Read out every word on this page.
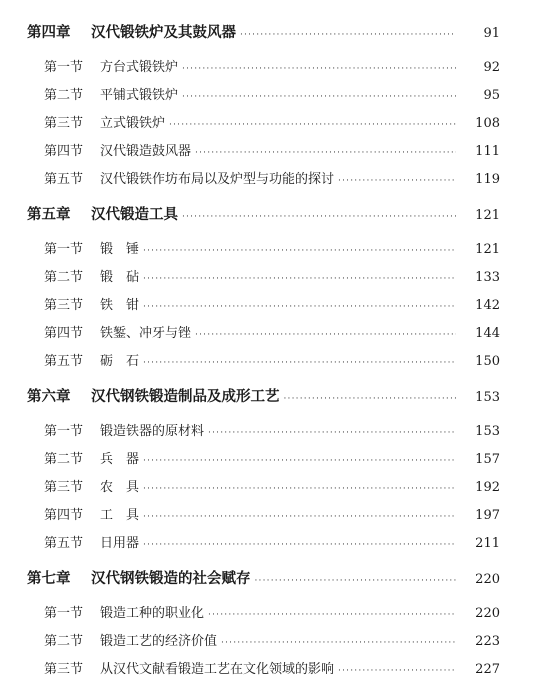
第四章	汉代锻铁炉及其鼓风器 ·····	91
第一节	方台式锻铁炉 ·····	92
第二节	平铺式锻铁炉 ·····	95
第三节	立式锻铁炉 ·····	108
第四节	汉代锻造鼓风器 ·····	111
第五节	汉代锻铁作坊布局以及炉型与功能的探讨 ·····	119
第五章	汉代锻造工具 ·····	121
第一节	锻　锤 ·····	121
第二节	锻　砧 ·····	133
第三节	铁　钳 ·····	142
第四节	铁錾、冲牙与锉 ·····	144
第五节	砺　石 ·····	150
第六章	汉代钢铁锻造制品及成形工艺 ·····	153
第一节	锻造铁器的原材料 ·····	153
第二节	兵　器 ·····	157
第三节	农　具 ·····	192
第四节	工　具 ·····	197
第五节	日用器 ·····	211
第七章	汉代钢铁锻造的社会赋存 ·····	220
第一节	锻造工种的职业化 ·····	220
第二节	锻造工艺的经济价值 ·····	223
第三节	从汉代文献看锻造工艺在文化领域的影响 ·····	227
